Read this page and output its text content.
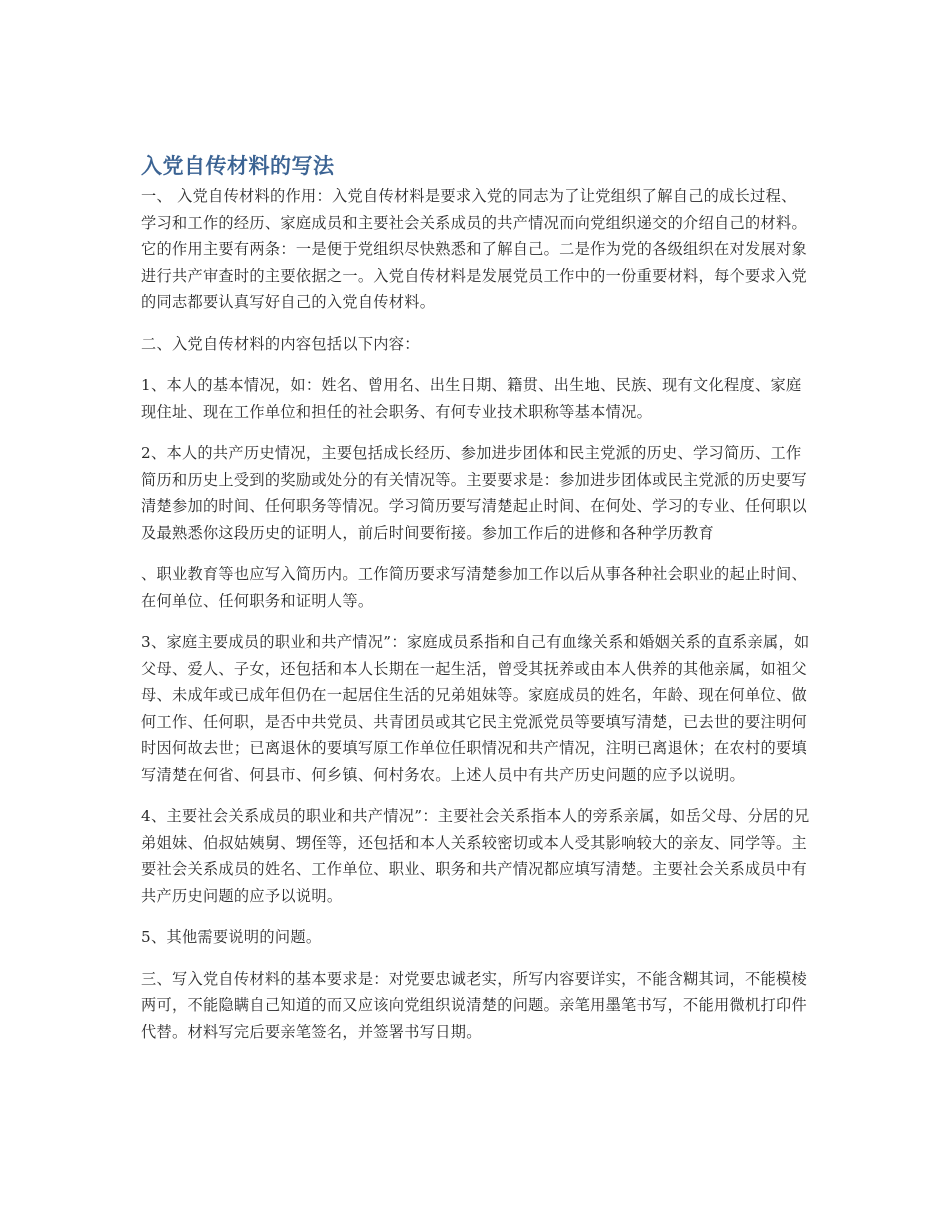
入党自传材料的写法

一、 入党自传材料的作用：入党自传材料是要求入党的同志为了让党组织了解自己的成长过程、学习和工作的经历、家庭成员和主要社会关系成员的共产情况而向党组织递交的介绍自己的材料。它的作用主要有两条：一是便于党组织尽快熟悉和了解自己。二是作为党的各级组织在对发展对象进行共产审查时的主要依据之一。入党自传材料是发展党员工作中的一份重要材料，每个要求入党的同志都要认真写好自己的入党自传材料。

二、入党自传材料的内容包括以下内容：

1、本人的基本情况，如：姓名、曾用名、出生日期、籍贯、出生地、民族、现有文化程度、家庭现住址、现在工作单位和担任的社会职务、有何专业技术职称等基本情况。

2、本人的共产历史情况，主要包括成长经历、参加进步团体和民主党派的历史、学习简历、工作简历和历史上受到的奖励或处分的有关情况等。主要要求是：参加进步团体或民主党派的历史要写清楚参加的时间、任何职务等情况。学习简历要写清楚起止时间、在何处、学习的专业、任何职以及最熟悉你这段历史的证明人，前后时间要衔接。参加工作后的进修和各种学历教育

、职业教育等也应写入简历内。工作简历要求写清楚参加工作以后从事各种社会职业的起止时间、在何单位、任何职务和证明人等。

3、家庭主要成员的职业和共产情况”：家庭成员系指和自己有血缘关系和婚姻关系的直系亲属，如父母、爱人、子女，还包括和本人长期在一起生活，曾受其抚养或由本人供养的其他亲属，如祖父母、未成年或已成年但仍在一起居住生活的兄弟姐妹等。家庭成员的姓名，年龄、现在何单位、做何工作、任何职，是否中共党员、共青团员或其它民主党派党员等要填写清楚，已去世的要注明何时因何故去世；已离退休的要填写原工作单位任职情况和共产情况，注明已离退休；在农村的要填写清楚在何省、何县市、何乡镇、何村务农。上述人员中有共产历史问题的应予以说明。

4、主要社会关系成员的职业和共产情况”：主要社会关系指本人的旁系亲属，如岳父母、分居的兄弟姐妹、伯叔姑姨舅、甥侄等，还包括和本人关系较密切或本人受其影响较大的亲友、同学等。主要社会关系成员的姓名、工作单位、职业、职务和共产情况都应填写清楚。主要社会关系成员中有共产历史问题的应予以说明。

5、其他需要说明的问题。

三、写入党自传材料的基本要求是：对党要忠诚老实，所写内容要详实，不能含糊其词，不能模棱两可，不能隐瞒自己知道的而又应该向党组织说清楚的问题。亲笔用墨笔书写，不能用微机打印件代替。材料写完后要亲笔签名，并签署书写日期。
